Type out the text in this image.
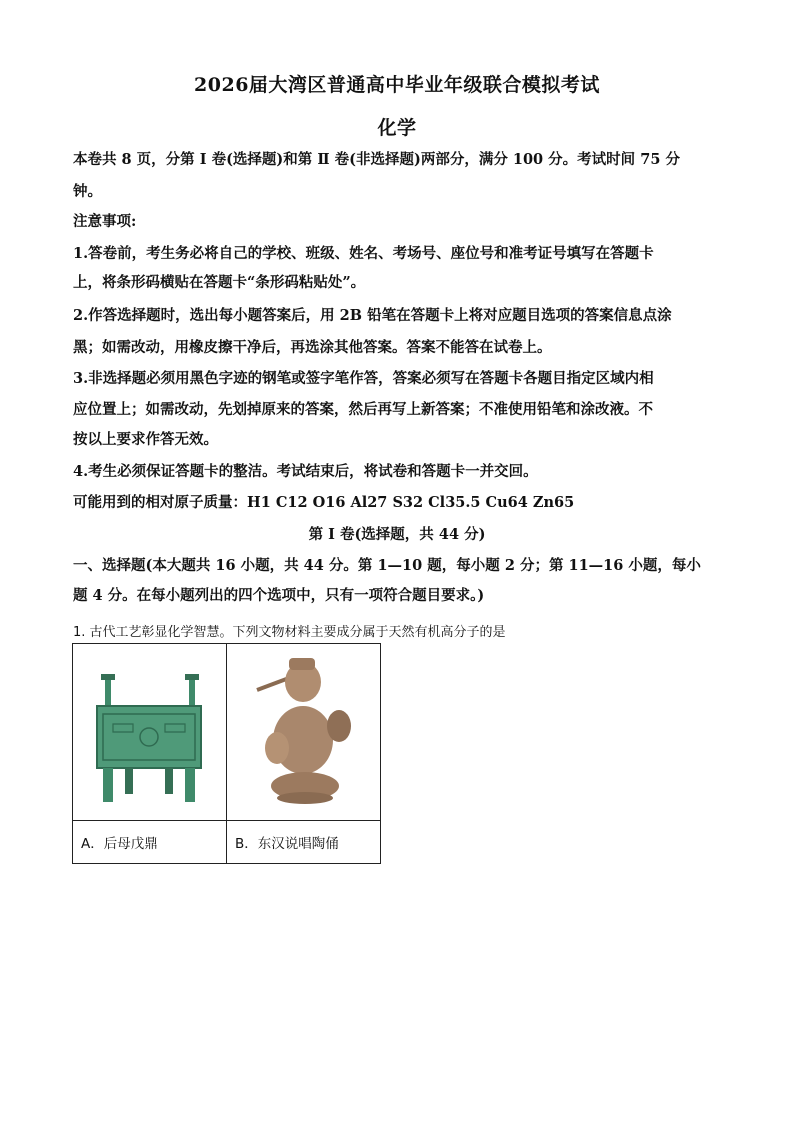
2026届大湾区普通高中毕业年级联合模拟考试
化学
本卷共 8 页，分第 Ⅰ 卷(选择题)和第 Ⅱ 卷(非选择题)两部分，满分 100 分。考试时间 75 分
钟。
注意事项:
1.答卷前，考生务必将自己的学校、班级、姓名、考场号、座位号和准考证号填写在答题卡
上，将条形码横贴在答题卡“条形码粘贴处”。
2.作答选择题时，选出每小题答案后，用 2B 铅笔在答题卡上将对应题目选项的答案信息点涂
黑；如需改动，用橡皮擦干净后，再选涂其他答案。答案不能答在试卷上。
3.非选择题必须用黑色字迹的钢笔或签字笔作答，答案必须写在答题卡各题目指定区域内相
应位置上；如需改动，先划掉原来的答案，然后再写上新答案；不准使用铅笔和涂改液。不
按以上要求作答无效。
4.考生必须保证答题卡的整洁。考试结束后，将试卷和答题卡一并交回。
可能用到的相对原子质量：H1 C12 O16 Al27 S32 Cl35.5 Cu64 Zn65
第 Ⅰ 卷(选择题，共 44 分)
一、选择题(本大题共 16 小题，共 44 分。第 1—10 题，每小题 2 分；第 11—16 小题，每小
题 4 分。在每小题列出的四个选项中，只有一项符合题目要求。)
1. 古代工艺彰显化学智慧。下列文物材料主要成分属于天然有机高分子的是

A．后母戊鼎	B．东汉说唱陶俑
